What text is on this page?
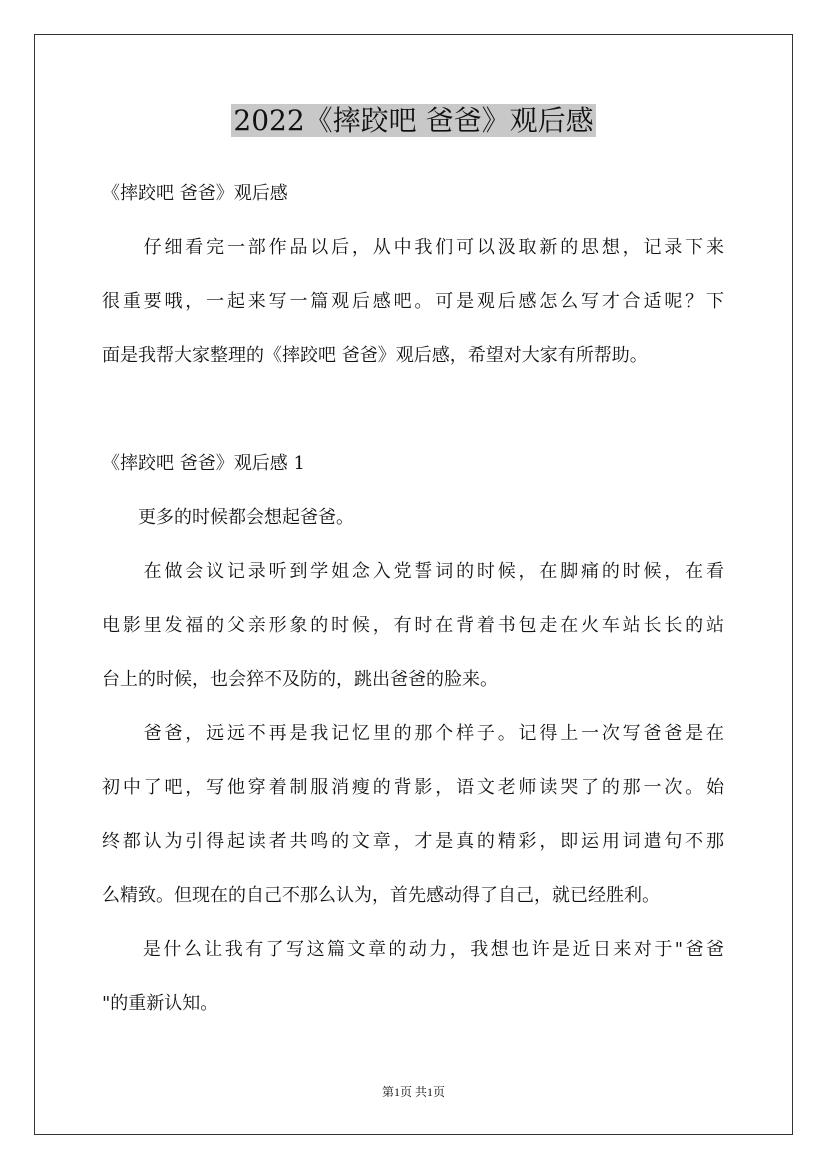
2022《摔跤吧 爸爸》观后感
《摔跤吧 爸爸》观后感
　　仔细看完一部作品以后，从中我们可以汲取新的思想，记录下来
很重要哦，一起来写一篇观后感吧。可是观后感怎么写才合适呢？下
面是我帮大家整理的《摔跤吧 爸爸》观后感，希望对大家有所帮助。
《摔跤吧 爸爸》观后感 1
　　更多的时候都会想起爸爸。
　　在做会议记录听到学姐念入党誓词的时候，在脚痛的时候，在看
电影里发福的父亲形象的时候，有时在背着书包走在火车站长长的站
台上的时候，也会猝不及防的，跳出爸爸的脸来。
　　爸爸，远远不再是我记忆里的那个样子。记得上一次写爸爸是在
初中了吧，写他穿着制服消瘦的背影，语文老师读哭了的那一次。始
终都认为引得起读者共鸣的文章，才是真的精彩，即运用词遣句不那
么精致。但现在的自己不那么认为，首先感动得了自己，就已经胜利。
　　是什么让我有了写这篇文章的动力，我想也许是近日来对于"爸爸
"的重新认知。
第1页 共1页
